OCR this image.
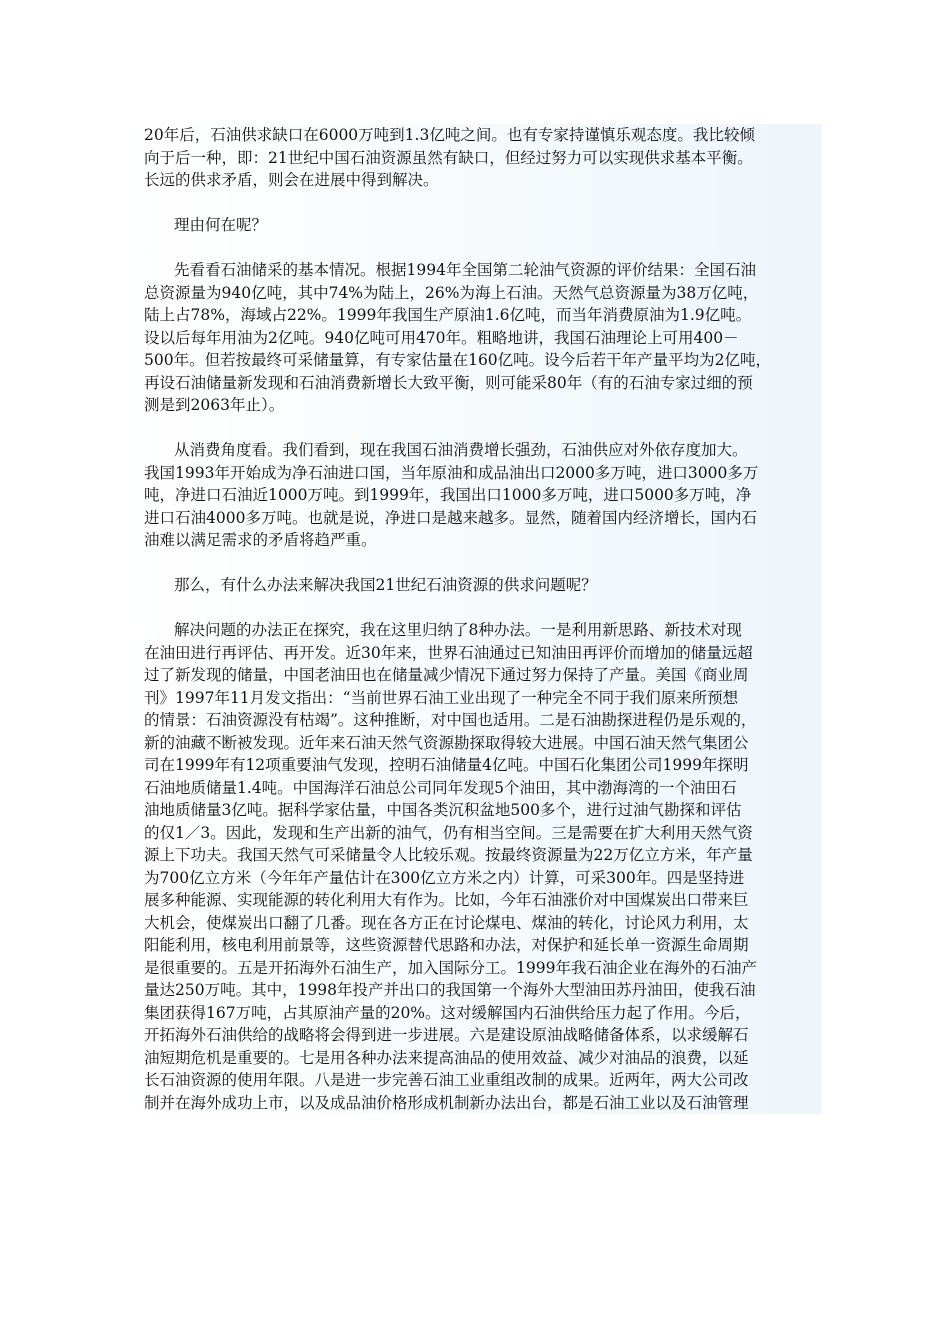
20年后，石油供求缺口在6000万吨到1.3亿吨之间。也有专家持谨慎乐观态度。我比较倾
向于后一种，即：21世纪中国石油资源虽然有缺口，但经过努力可以实现供求基本平衡。
长远的供求矛盾，则会在进展中得到解决。
理由何在呢？
先看看石油储采的基本情况。根据1994年全国第二轮油气资源的评价结果：全国石油
总资源量为940亿吨，其中74%为陆上，26%为海上石油。天然气总资源量为38万亿吨，
陆上占78%，海域占22%。1999年我国生产原油1.6亿吨，而当年消费原油为1.9亿吨。
设以后每年用油为2亿吨。940亿吨可用470年。粗略地讲，我国石油理论上可用400－
500年。但若按最终可采储量算，有专家估量在160亿吨。设今后若干年产量平均为2亿吨，
再设石油储量新发现和石油消费新增长大致平衡，则可能采80年（有的石油专家过细的预
测是到2063年止）。
从消费角度看。我们看到，现在我国石油消费增长强劲，石油供应对外依存度加大。
我国1993年开始成为净石油进口国，当年原油和成品油出口2000多万吨，进口3000多万
吨，净进口石油近1000万吨。到1999年，我国出口1000多万吨，进口5000多万吨，净
进口石油4000多万吨。也就是说，净进口是越来越多。显然，随着国内经济增长，国内石
油难以满足需求的矛盾将趋严重。
那么，有什么办法来解决我国21世纪石油资源的供求问题呢？
解决问题的办法正在探究，我在这里归纳了8种办法。一是利用新思路、新技术对现
在油田进行再评估、再开发。近30年来，世界石油通过已知油田再评价而增加的储量远超
过了新发现的储量，中国老油田也在储量减少情况下通过努力保持了产量。美国《商业周
刊》1997年11月发文指出：“当前世界石油工业出现了一种完全不同于我们原来所预想
的情景：石油资源没有枯竭”。这种推断，对中国也适用。二是石油勘探进程仍是乐观的，
新的油藏不断被发现。近年来石油天然气资源勘探取得较大进展。中国石油天然气集团公
司在1999年有12项重要油气发现，控明石油储量4亿吨。中国石化集团公司1999年探明
石油地质储量1.4吨。中国海洋石油总公司同年发现5个油田，其中渤海湾的一个油田石
油地质储量3亿吨。据科学家估量，中国各类沉积盆地500多个，进行过油气勘探和评估
的仅1／3。因此，发现和生产出新的油气，仍有相当空间。三是需要在扩大利用天然气资
源上下功夫。我国天然气可采储量令人比较乐观。按最终资源量为22万亿立方米，年产量
为700亿立方米（今年年产量估计在300亿立方米之内）计算，可采300年。四是坚持进
展多种能源、实现能源的转化利用大有作为。比如，今年石油涨价对中国煤炭出口带来巨
大机会，使煤炭出口翻了几番。现在各方正在讨论煤电、煤油的转化，讨论风力利用，太
阳能利用，核电利用前景等，这些资源替代思路和办法，对保护和延长单一资源生命周期
是很重要的。五是开拓海外石油生产，加入国际分工。1999年我石油企业在海外的石油产
量达250万吨。其中，1998年投产并出口的我国第一个海外大型油田苏丹油田，使我石油
集团获得167万吨，占其原油产量的20%。这对缓解国内石油供给压力起了作用。今后，
开拓海外石油供给的战略将会得到进一步进展。六是建设原油战略储备体系，以求缓解石
油短期危机是重要的。七是用各种办法来提高油品的使用效益、减少对油品的浪费，以延
长石油资源的使用年限。八是进一步完善石油工业重组改制的成果。近两年，两大公司改
制并在海外成功上市，以及成品油价格形成机制新办法出台，都是石油工业以及石油管理
